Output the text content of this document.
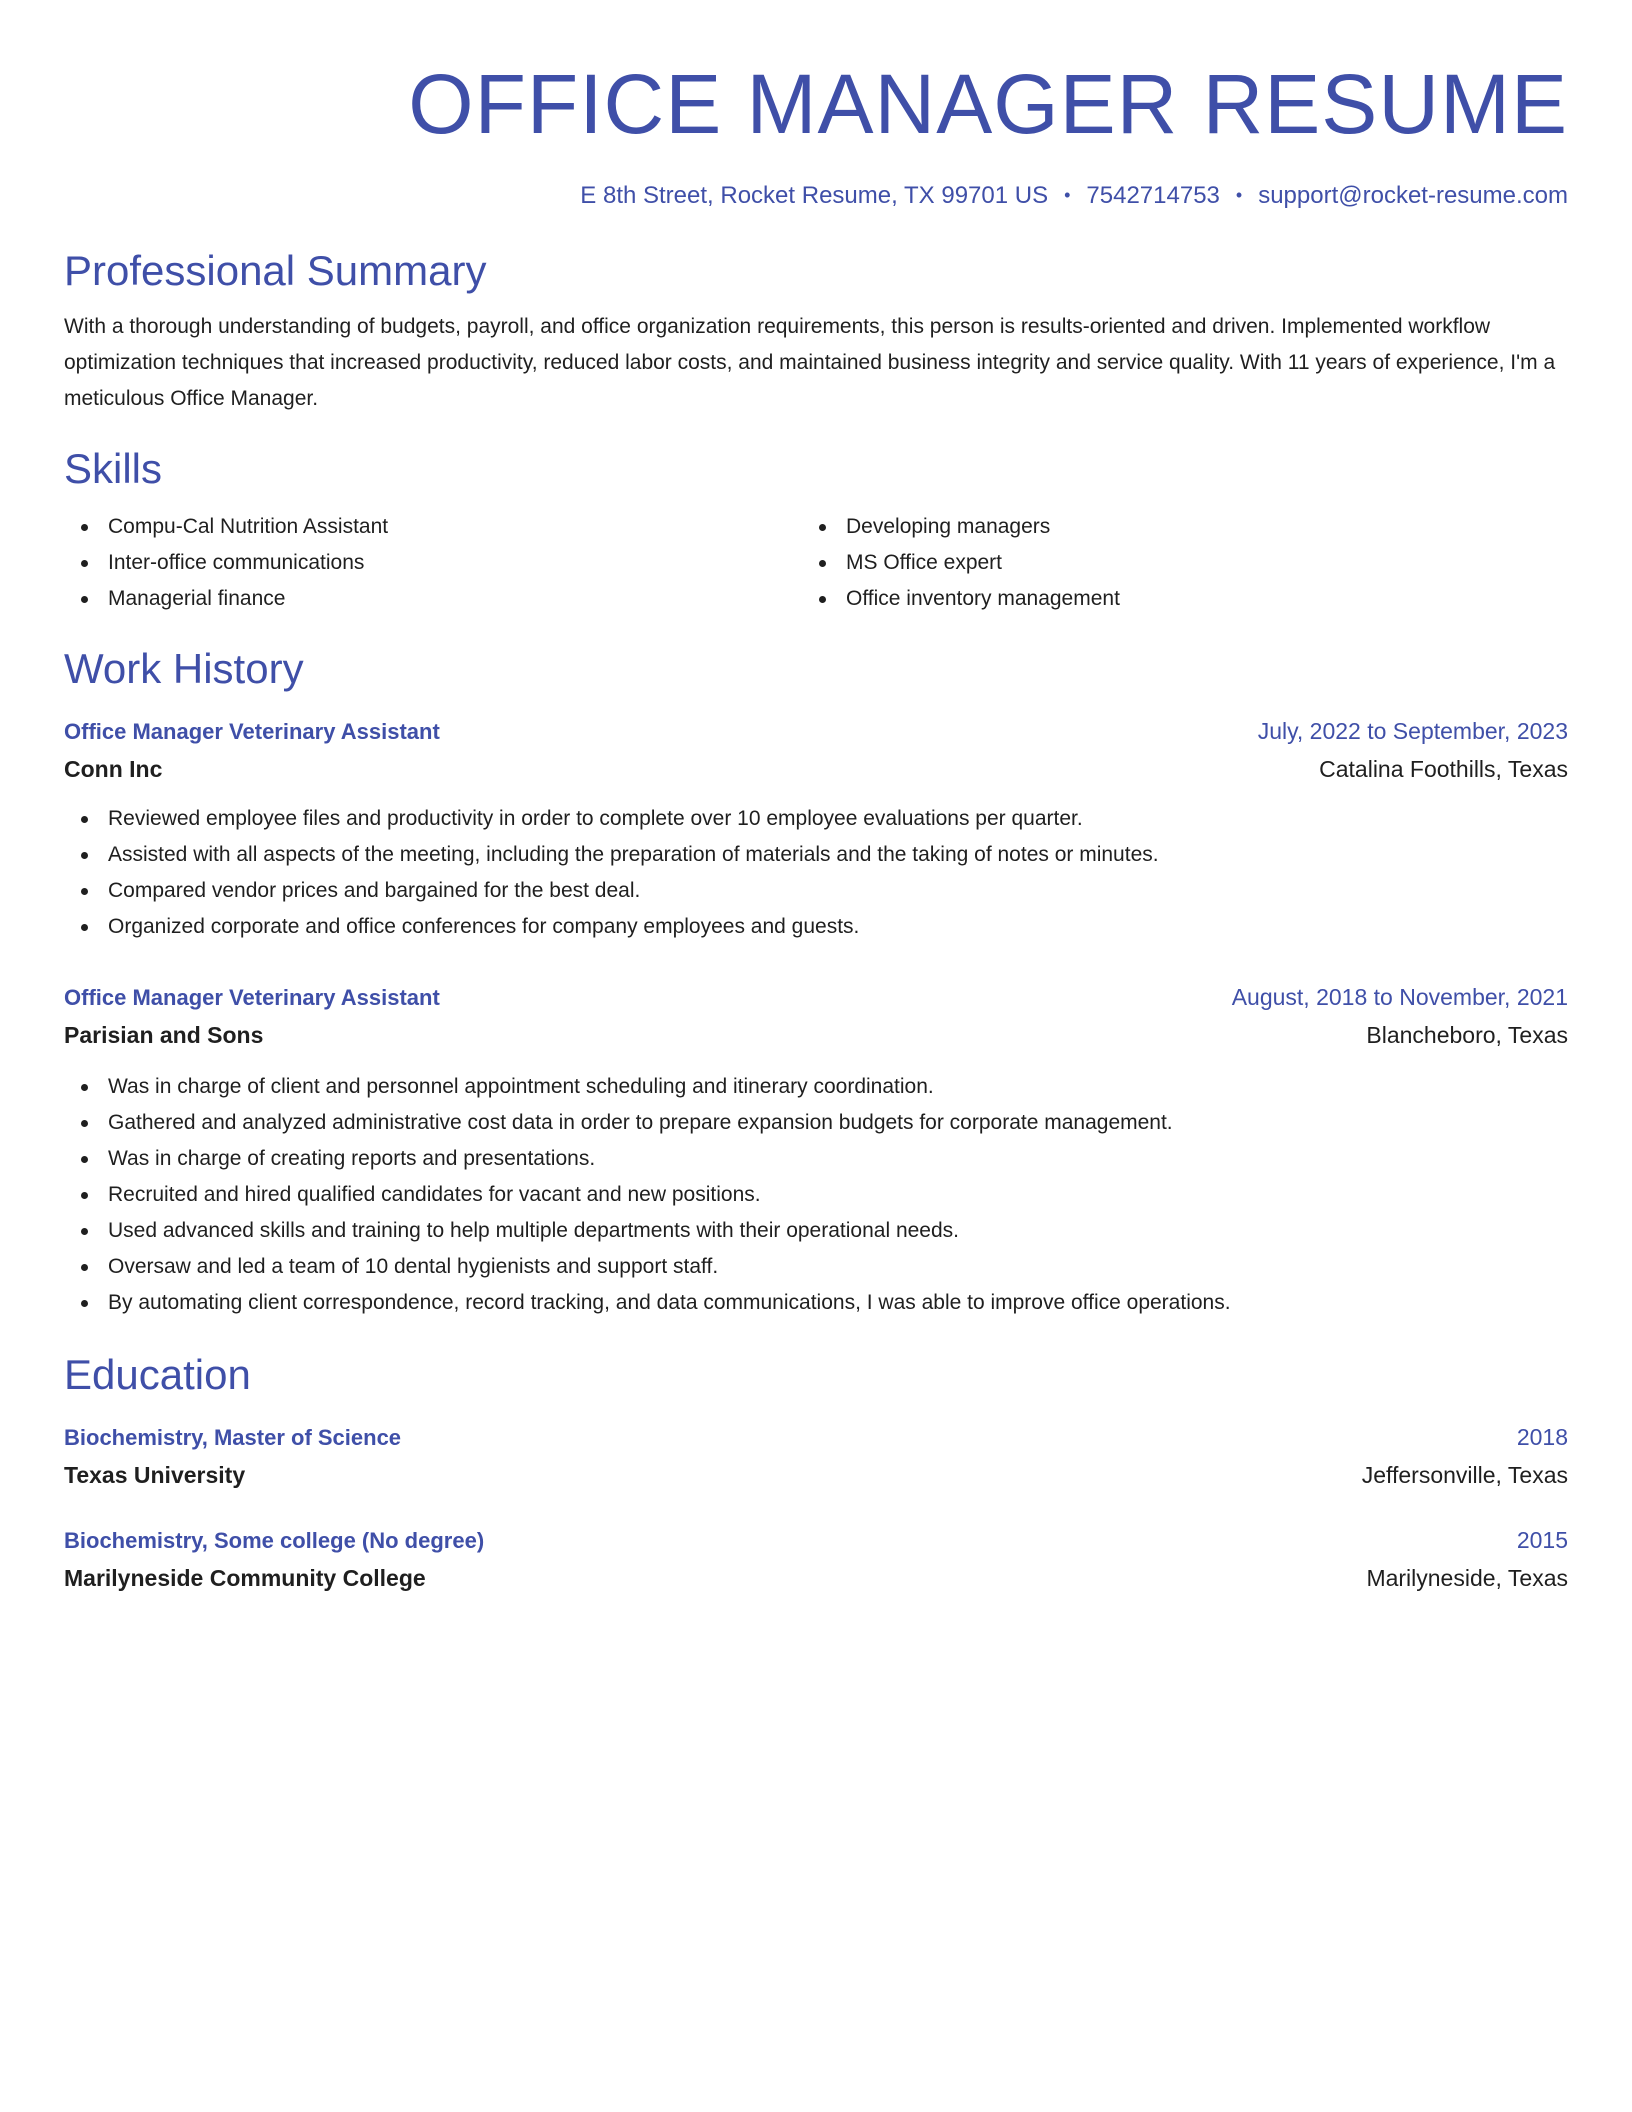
OFFICE MANAGER RESUME
E 8th Street, Rocket Resume, TX 99701 US • 7542714753 • support@rocket-resume.com
Professional Summary
With a thorough understanding of budgets, payroll, and office organization requirements, this person is results-oriented and driven. Implemented workflow optimization techniques that increased productivity, reduced labor costs, and maintained business integrity and service quality. With 11 years of experience, I'm a meticulous Office Manager.
Skills
Compu-Cal Nutrition Assistant
Inter-office communications
Managerial finance
Developing managers
MS Office expert
Office inventory management
Work History
Office Manager Veterinary Assistant	July, 2022 to September, 2023
Conn Inc	Catalina Foothills, Texas
Reviewed employee files and productivity in order to complete over 10 employee evaluations per quarter.
Assisted with all aspects of the meeting, including the preparation of materials and the taking of notes or minutes.
Compared vendor prices and bargained for the best deal.
Organized corporate and office conferences for company employees and guests.
Office Manager Veterinary Assistant	August, 2018 to November, 2021
Parisian and Sons	Blancheboro, Texas
Was in charge of client and personnel appointment scheduling and itinerary coordination.
Gathered and analyzed administrative cost data in order to prepare expansion budgets for corporate management.
Was in charge of creating reports and presentations.
Recruited and hired qualified candidates for vacant and new positions.
Used advanced skills and training to help multiple departments with their operational needs.
Oversaw and led a team of 10 dental hygienists and support staff.
By automating client correspondence, record tracking, and data communications, I was able to improve office operations.
Education
Biochemistry, Master of Science	2018
Texas University	Jeffersonville, Texas
Biochemistry, Some college (No degree)	2015
Marilyneside Community College	Marilyneside, Texas
